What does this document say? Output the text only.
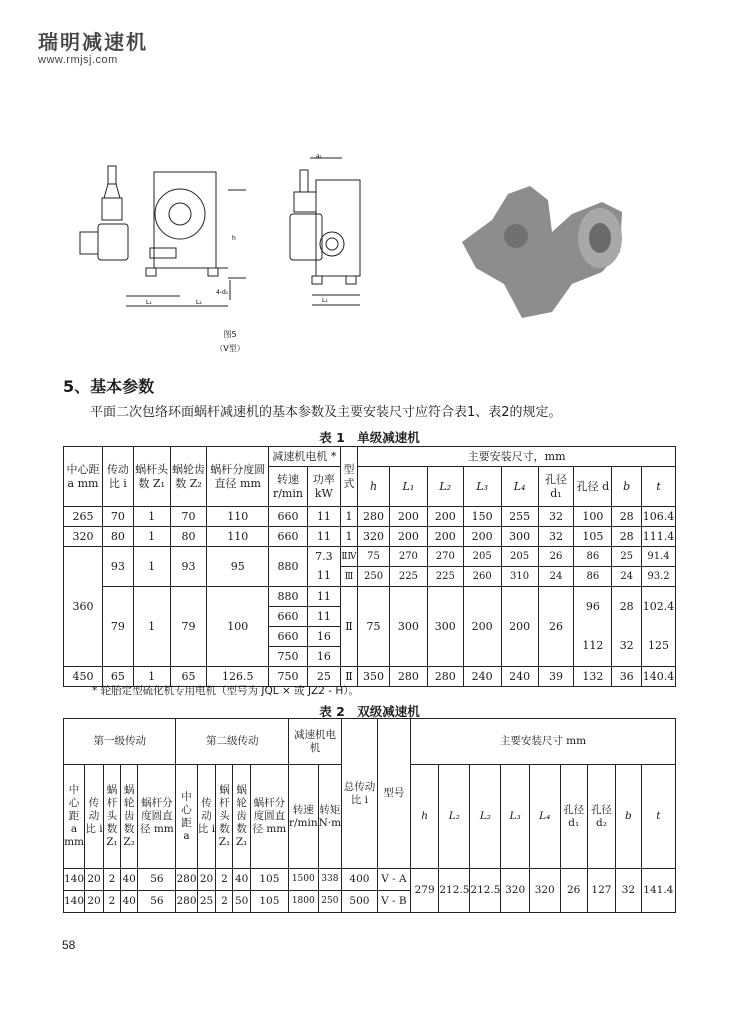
瑞明减速机
www.rmjsj.com
4-d₁
L₁	L₂
h
a₁
L₁
图5
（V型）
5、基本参数
平面二次包络环面蜗杆减速机的基本参数及主要安装尺寸应符合表1、表2的规定。
表 1　单级减速机
中心距 a mm	传动比 i	蜗杆头数 Z₁	蜗轮齿数 Z₂	蜗杆分度圆直径 mm	减速机电机 *		型式	主要安装尺寸，mm								
					转速 r/min	功率 kW		h	L₁	L₂	L₃	L₄	孔径 d₁	孔径 d	b	t
265	70	1	70	110	660	11	1	280	200	200	150	255	32	100	28	106.4
320	80	1	80	110	660	11	1	320	200	200	200	300	32	105	28	111.4
360	93	1	93	95	880	7.3	ⅡⅣ	75	270	270	205	205	26	86	25	91.4
						11	Ⅲ	250	225	225	260	310	24	86	24	93.2
	79	1	79	100	880	11	Ⅱ	75	300	300	200	200	26	96	28	102.4
					660	11										
					660	16								112	32	125
					750	16										
450	65	1	65	126.5	750	25	Ⅱ	350	280	280	240	240	39	132	36	140.4
* 轮胎定型硫化机专用电机（型号为 JQL × 或 JZ2 - H）。
表 2　双级减速机
第一级传动					第二级传动					减速机电机		总传动比 i	型号	主要安装尺寸 mm								
中心距 a mm	传动比 i	蜗杆头数 Z₁	蜗轮齿数 Z₂	蜗杆分度圆直径 mm	中心距 a	传动比 i	蜗杆头数 Z₁	蜗轮齿数 Z₁	蜗杆分度圆直径 mm	转速 r/min	转矩 N·m			h	L₂	L₂	L₃	L₄	孔径 d₁	孔径 d₂	b	t
140	20	2	40	56	280	20	2	40	105	1500	338	400	V - A	279	212.5	212.5	320	320	26	127	32	141.4
140	20	2	40	56	280	25	2	50	105	1800	250	500	V - B									
58
